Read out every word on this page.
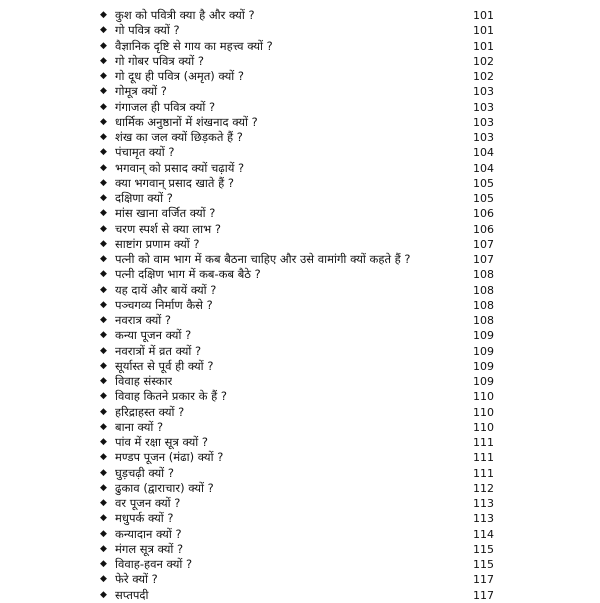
◆ कुश को पवित्री क्या है और क्यों ?	101
◆ गो पवित्र क्यों ?	101
◆ वैज्ञानिक दृष्टि से गाय का महत्त्व क्यों ?	101
◆ गो गोबर पवित्र क्यों ?	102
◆ गो दूध ही पवित्र (अमृत) क्यों ?	102
◆ गोमूत्र क्यों ?	103
◆ गंगाजल ही पवित्र क्यों ?	103
◆ धार्मिक अनुष्ठानों में शंखनाद क्यों ?	103
◆ शंख का जल क्यों छिड़कते हैं ?	103
◆ पंचामृत क्यों ?	104
◆ भगवान् को प्रसाद क्यों चढ़ायें ?	104
◆ क्या भगवान् प्रसाद खाते हैं ?	105
◆ दक्षिणा क्यों ?	105
◆ मांस खाना वर्जित क्यों ?	106
◆ चरण स्पर्श से क्या लाभ ?	106
◆ साष्टांग प्रणाम क्यों ?	107
◆ पत्नी को वाम भाग में कब बैठना चाहिए और उसे वामांगी क्यों कहते हैं ?	107
◆ पत्नी दक्षिण भाग में कब-कब बैठे ?	108
◆ यह दायें और बायें क्यों ?	108
◆ पञ्चगव्य निर्माण कैसे ?	108
◆ नवरात्र क्यों ?	108
◆ कन्या पूजन क्यों ?	109
◆ नवरात्रों में व्रत क्यों ?	109
◆ सूर्यास्त से पूर्व ही क्यों ?	109
◆ विवाह संस्कार	109
◆ विवाह कितने प्रकार के हैं ?	110
◆ हरिद्राहस्त क्यों ?	110
◆ बाना क्यों ?	110
◆ पांव में रक्षा सूत्र क्यों ?	111
◆ मण्डप पूजन (मंढा) क्यों ?	111
◆ घुड़चढ़ी क्यों ?	111
◆ ढुकाव (द्वाराचार) क्यों ?	112
◆ वर पूजन क्यों ?	113
◆ मधुपर्क क्यों ?	113
◆ कन्यादान क्यों ?	114
◆ मंगल सूत्र क्यों ?	115
◆ विवाह-हवन क्यों ?	115
◆ फेरे क्यों ?	117
◆ सप्तपदी	117
